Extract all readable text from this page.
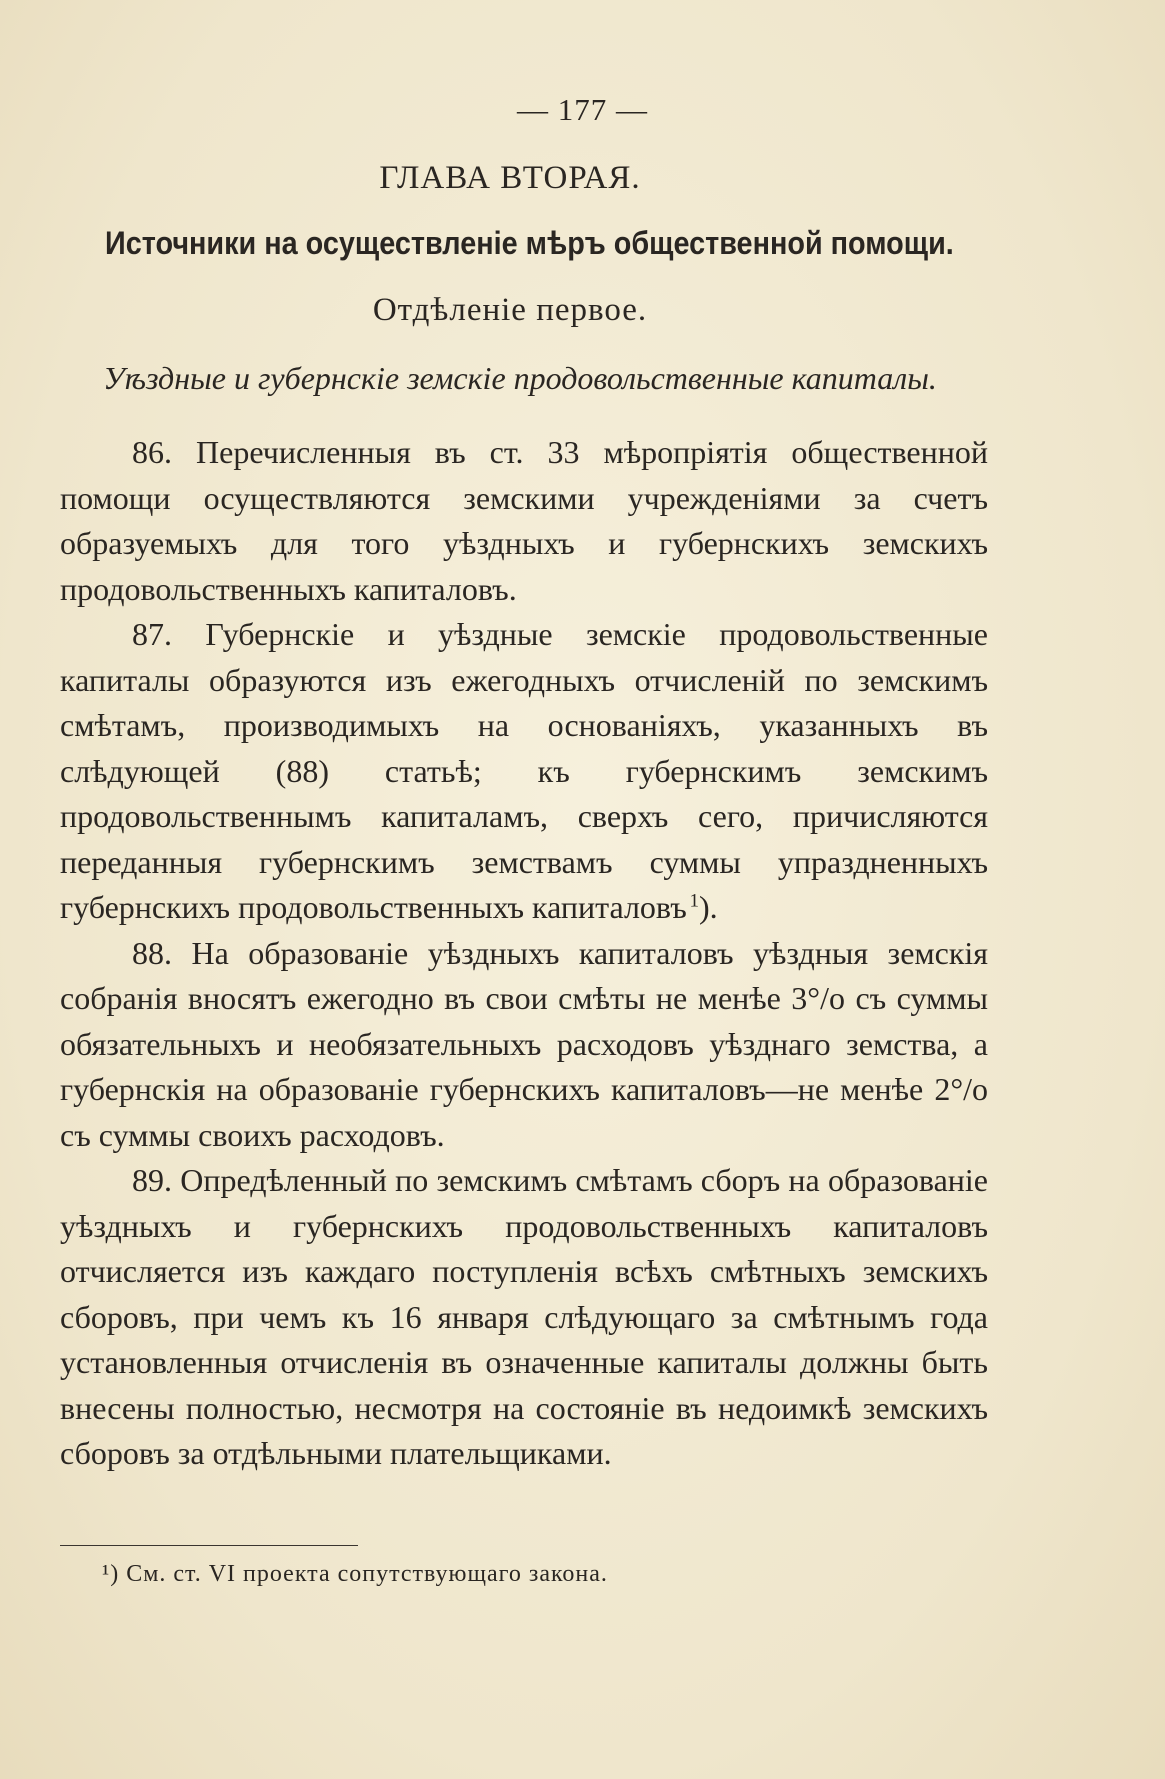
— 177 —
ГЛАВА ВТОРАЯ.
Источники на осуществленіе мѣръ общественной помощи.
Отдѣленіе первое.
Уѣздные и губернскіе земскіе продовольственные капиталы.

86. Перечисленныя въ ст. 33 мѣропріятія общественной помощи осуществляются земскими учрежденіями за счетъ образуемыхъ для того уѣздныхъ и губернскихъ земскихъ продовольственныхъ капиталовъ.

87. Губернскіе и уѣздные земскіе продовольственные капиталы образуются изъ ежегодныхъ отчисленій по земскимъ смѣтамъ, производимыхъ на основаніяхъ, указанныхъ въ слѣдующей (88) статьѣ; къ губернскимъ земскимъ продовольственнымъ капиталамъ, сверхъ сего, причисляются переданныя губернскимъ земствамъ суммы упраздненныхъ губернскихъ продовольственныхъ капиталовъ  $^1$).

88. На образованіе уѣздныхъ капиталовъ уѣздныя земскія собранія вносятъ ежегодно въ свои смѣты не менѣе 3°/o съ суммы обязательныхъ и необязательныхъ расходовъ уѣзднаго земства, а губернскія на образованіе губернскихъ капиталовъ—не менѣе 2°/o съ суммы своихъ расходовъ.

89. Опредѣленный по земскимъ смѣтамъ сборъ на образованіе уѣздныхъ и губернскихъ продовольственныхъ капиталовъ отчисляется изъ каждаго поступленія всѣхъ смѣтныхъ земскихъ сборовъ, при чемъ къ 16 января слѣдующаго за смѣтнымъ года установленныя отчисленія въ означенные капиталы должны быть внесены полностью, несмотря на состояніе въ недоимкѣ земскихъ сборовъ за отдѣльными плательщиками.

¹) См. ст. VI проекта сопутствующаго закона.
